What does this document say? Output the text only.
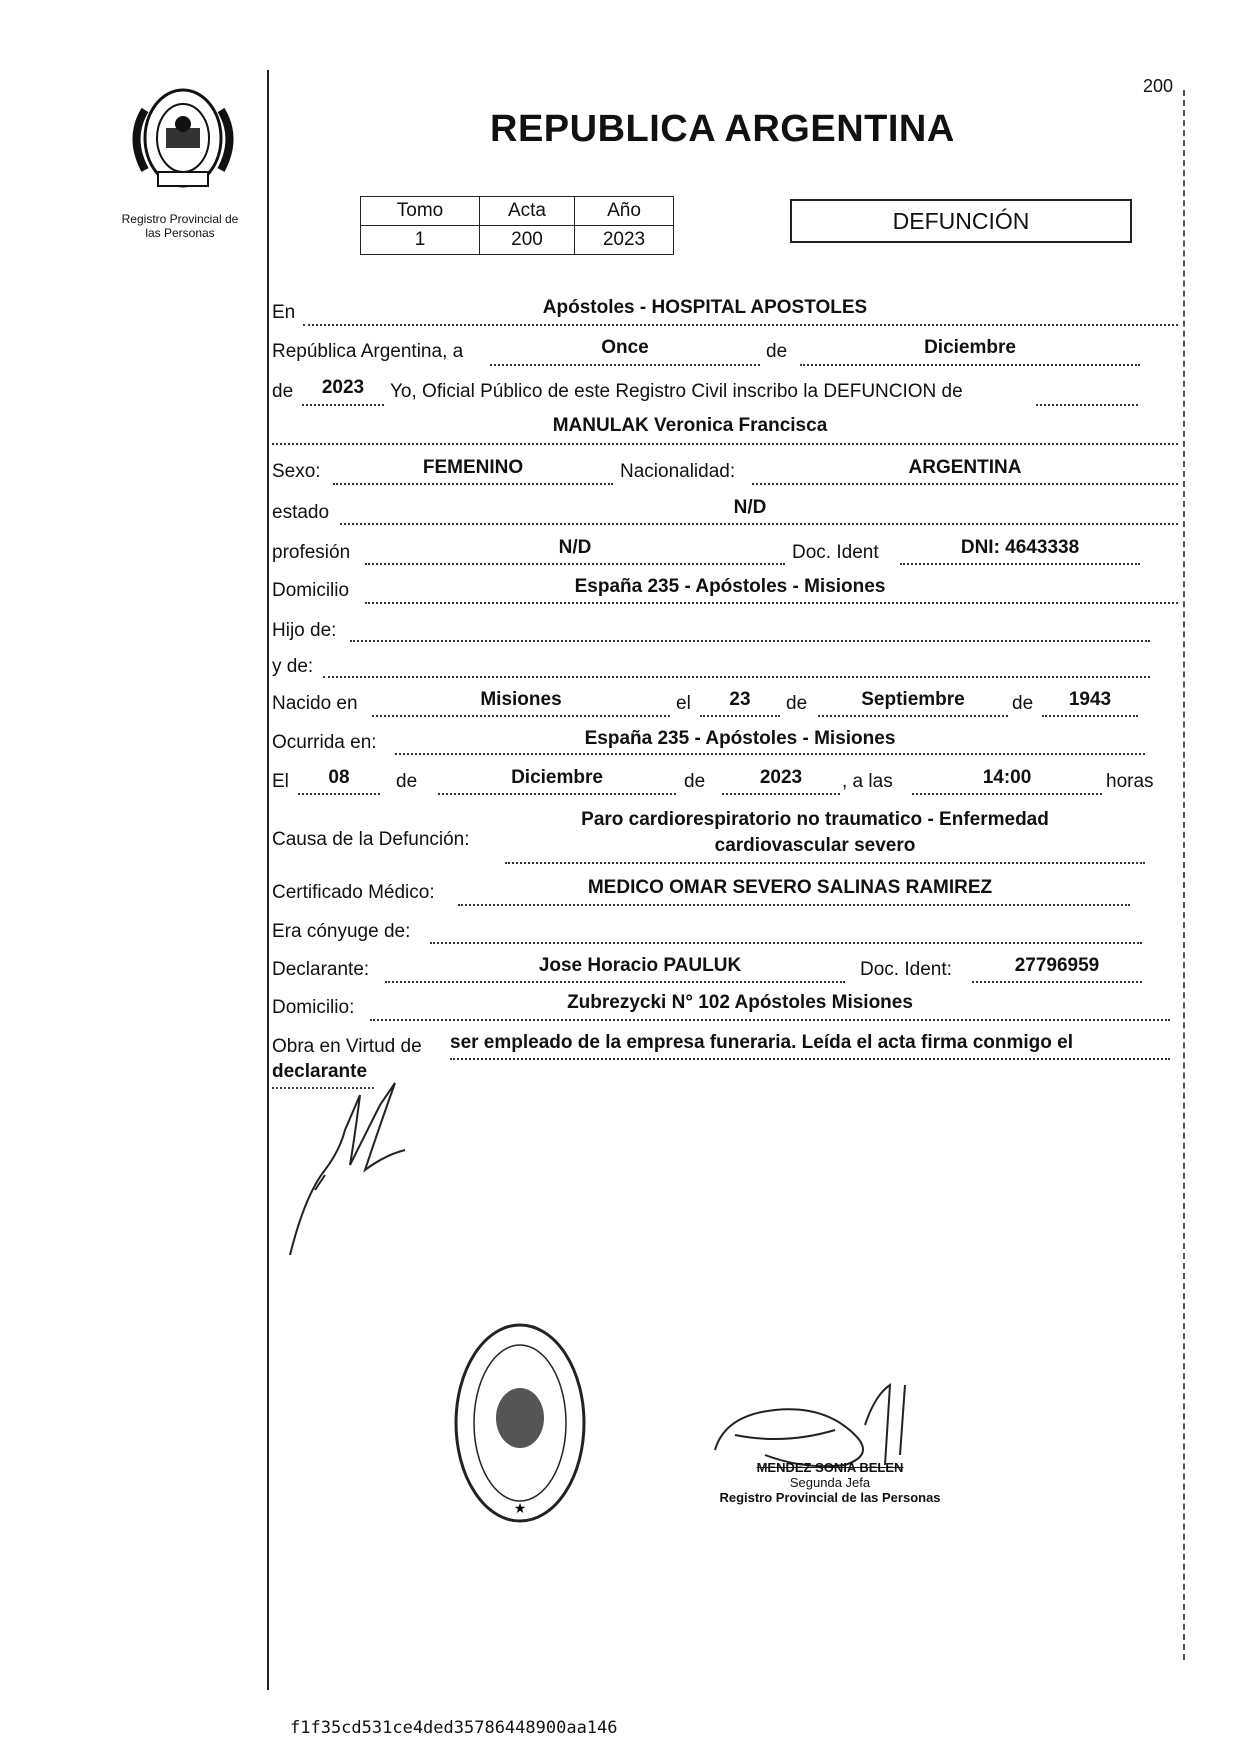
Registro Provincial de
las Personas
200
REPUBLICA ARGENTINA
Tomo	Acta	Año
1	200	2023
DEFUNCIÓN
En	Apóstoles - HOSPITAL APOSTOLES
República Argentina, a	Once	de	Diciembre
de	2023	Yo, Oficial Público de este Registro Civil inscribo la DEFUNCION de
MANULAK Veronica Francisca
Sexo:	FEMENINO	Nacionalidad:	ARGENTINA
estado	N/D
profesión	N/D	Doc. Ident	DNI: 4643338
Domicilio	España 235 - Apóstoles - Misiones
Hijo de:
y de:
Nacido en	Misiones	el	23	de	Septiembre	de	1943
Ocurrida en:	España 235 - Apóstoles - Misiones
El	08	de	Diciembre	de	2023	, a las	14:00	horas
Causa de la Defunción:
Paro cardiorespiratorio no traumatico - Enfermedad
cardiovascular severo
Certificado Médico:	MEDICO OMAR SEVERO SALINAS RAMIREZ
Era cónyuge de:
Declarante:	Jose Horacio PAULUK	Doc. Ident:	27796959
Domicilio:	Zubrezycki N° 102 Apóstoles Misiones
Obra en Virtud de ser empleado de la empresa funeraria. Leída el acta firma conmigo el
declarante
★
MENDEZ SONIA BELEN
Segunda Jefa
Registro Provincial de las Personas
f1f35cd531ce4ded35786448900aa146
